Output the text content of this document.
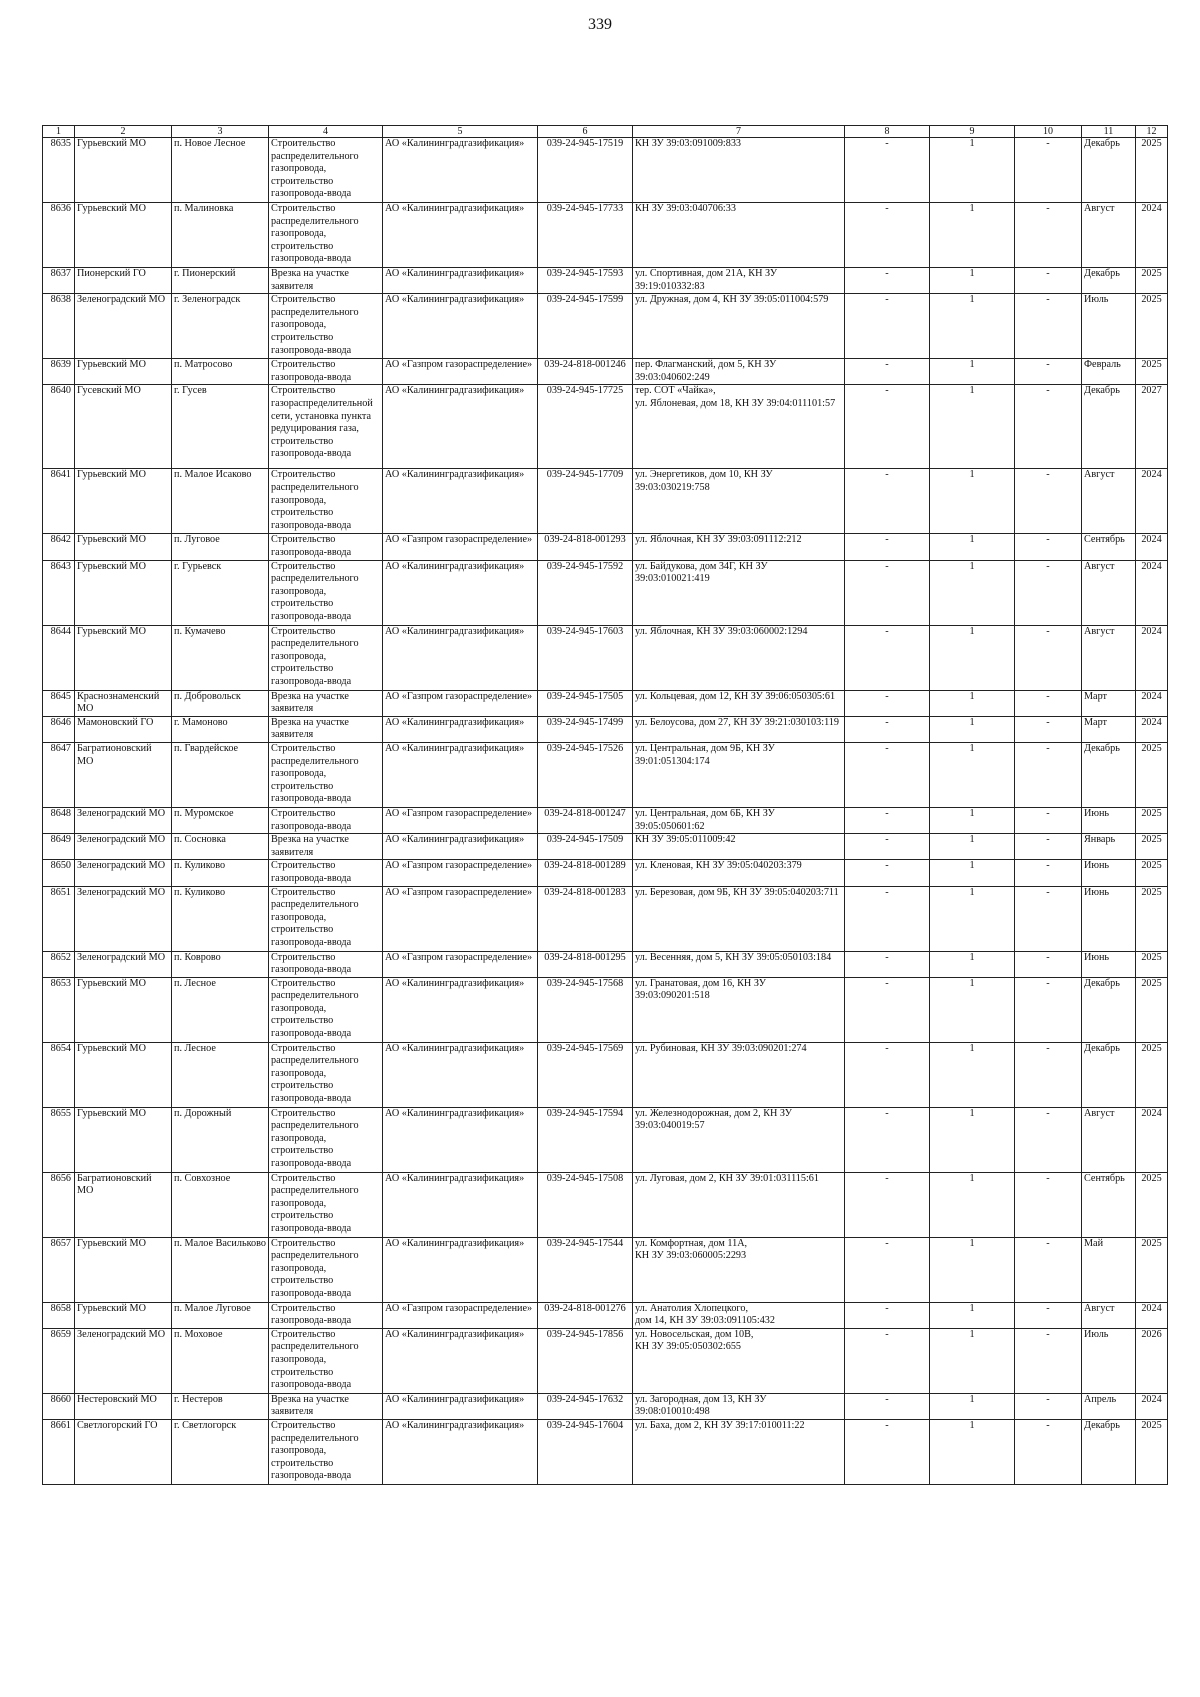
339
1	2	3	4	5	6	7	8	9	10	11	12
8635	Гурьевский МО	п. Новое Лесное	Строительство распределительного газопровода, строительство газопровода-ввода	АО «Калининградгазификация»	039-24-945-17519	КН ЗУ 39:03:091009:833	-	1	-	Декабрь	2025
8636	Гурьевский МО	п. Малиновка	Строительство распределительного газопровода, строительство газопровода-ввода	АО «Калининградгазификация»	039-24-945-17733	КН ЗУ 39:03:040706:33	-	1	-	Август	2024
8637	Пионерский ГО	г. Пионерский	Врезка на участке заявителя	АО «Калининградгазификация»	039-24-945-17593	ул. Спортивная, дом 21А, КН ЗУ 39:19:010332:83	-	1	-	Декабрь	2025
8638	Зеленоградский МО	г. Зеленоградск	Строительство распределительного газопровода, строительство газопровода-ввода	АО «Калининградгазификация»	039-24-945-17599	ул. Дружная, дом 4, КН ЗУ 39:05:011004:579	-	1	-	Июль	2025
8639	Гурьевский МО	п. Матросово	Строительство газопровода-ввода	АО «Газпром газораспределение»	039-24-818-001246	пер. Флагманский, дом 5, КН ЗУ 39:03:040602:249	-	1	-	Февраль	2025
8640	Гусевский МО	г. Гусев	Строительство газораспределительной сети, установка пункта редуцирования газа, строительство газопровода-ввода	АО «Калининградгазификация»	039-24-945-17725	тер. СОТ «Чайка»,
ул. Яблоневая, дом 18, КН ЗУ 39:04:011101:57	-	1	-	Декабрь	2027
8641	Гурьевский МО	п. Малое Исаково	Строительство распределительного газопровода, строительство газопровода-ввода	АО «Калининградгазификация»	039-24-945-17709	ул. Энергетиков, дом 10, КН ЗУ 39:03:030219:758	-	1	-	Август	2024
8642	Гурьевский МО	п. Луговое	Строительство газопровода-ввода	АО «Газпром газораспределение»	039-24-818-001293	ул. Яблочная, КН ЗУ 39:03:091112:212	-	1	-	Сентябрь	2024
8643	Гурьевский МО	г. Гурьевск	Строительство распределительного газопровода, строительство газопровода-ввода	АО «Калининградгазификация»	039-24-945-17592	ул. Байдукова, дом 34Г, КН ЗУ 39:03:010021:419	-	1	-	Август	2024
8644	Гурьевский МО	п. Кумачево	Строительство распределительного газопровода, строительство газопровода-ввода	АО «Калининградгазификация»	039-24-945-17603	ул. Яблочная, КН ЗУ 39:03:060002:1294	-	1	-	Август	2024
8645	Краснознаменский МО	п. Добровольск	Врезка на участке заявителя	АО «Газпром газораспределение»	039-24-945-17505	ул. Кольцевая, дом 12, КН ЗУ 39:06:050305:61	-	1	-	Март	2024
8646	Мамоновский ГО	г. Мамоново	Врезка на участке заявителя	АО «Калининградгазификация»	039-24-945-17499	ул. Белоусова, дом 27, КН ЗУ 39:21:030103:119	-	1	-	Март	2024
8647	Багратионовский МО	п. Гвардейское	Строительство распределительного газопровода, строительство газопровода-ввода	АО «Калининградгазификация»	039-24-945-17526	ул. Центральная, дом 9Б, КН ЗУ 39:01:051304:174	-	1	-	Декабрь	2025
8648	Зеленоградский МО	п. Муромское	Строительство газопровода-ввода	АО «Газпром газораспределение»	039-24-818-001247	ул. Центральная, дом 6Б, КН ЗУ 39:05:050601:62	-	1	-	Июнь	2025
8649	Зеленоградский МО	п. Сосновка	Врезка на участке заявителя	АО «Калининградгазификация»	039-24-945-17509	КН ЗУ 39:05:011009:42	-	1	-	Январь	2025
8650	Зеленоградский МО	п. Куликово	Строительство газопровода-ввода	АО «Газпром газораспределение»	039-24-818-001289	ул. Кленовая, КН ЗУ 39:05:040203:379	-	1	-	Июнь	2025
8651	Зеленоградский МО	п. Куликово	Строительство распределительного газопровода, строительство газопровода-ввода	АО «Газпром газораспределение»	039-24-818-001283	ул. Березовая, дом 9Б, КН ЗУ 39:05:040203:711	-	1	-	Июнь	2025
8652	Зеленоградский МО	п. Коврово	Строительство газопровода-ввода	АО «Газпром газораспределение»	039-24-818-001295	ул. Весенняя, дом 5, КН ЗУ 39:05:050103:184	-	1	-	Июнь	2025
8653	Гурьевский МО	п. Лесное	Строительство распределительного газопровода, строительство газопровода-ввода	АО «Калининградгазификация»	039-24-945-17568	ул. Гранатовая, дом 16, КН ЗУ 39:03:090201:518	-	1	-	Декабрь	2025
8654	Гурьевский МО	п. Лесное	Строительство распределительного газопровода, строительство газопровода-ввода	АО «Калининградгазификация»	039-24-945-17569	ул. Рубиновая, КН ЗУ 39:03:090201:274	-	1	-	Декабрь	2025
8655	Гурьевский МО	п. Дорожный	Строительство распределительного газопровода, строительство газопровода-ввода	АО «Калининградгазификация»	039-24-945-17594	ул. Железнодорожная, дом 2, КН ЗУ 39:03:040019:57	-	1	-	Август	2024
8656	Багратионовский МО	п. Совхозное	Строительство распределительного газопровода, строительство газопровода-ввода	АО «Калининградгазификация»	039-24-945-17508	ул. Луговая, дом 2, КН ЗУ 39:01:031115:61	-	1	-	Сентябрь	2025
8657	Гурьевский МО	п. Малое Васильково	Строительство распределительного газопровода, строительство газопровода-ввода	АО «Калининградгазификация»	039-24-945-17544	ул. Комфортная, дом 11А,
КН ЗУ 39:03:060005:2293	-	1	-	Май	2025
8658	Гурьевский МО	п. Малое Луговое	Строительство газопровода-ввода	АО «Газпром газораспределение»	039-24-818-001276	ул. Анатолия Хлопецкого,
дом 14, КН ЗУ 39:03:091105:432	-	1	-	Август	2024
8659	Зеленоградский МО	п. Моховое	Строительство распределительного газопровода, строительство газопровода-ввода	АО «Калининградгазификация»	039-24-945-17856	ул. Новосельская, дом 10В,
КН ЗУ 39:05:050302:655	-	1	-	Июль	2026
8660	Нестеровский МО	г. Нестеров	Врезка на участке заявителя	АО «Калининградгазификация»	039-24-945-17632	ул. Загородная, дом 13, КН ЗУ 39:08:010010:498	-	1	-	Апрель	2024
8661	Светлогорский ГО	г. Светлогорск	Строительство распределительного газопровода, строительство газопровода-ввода	АО «Калининградгазификация»	039-24-945-17604	ул. Баха, дом 2, КН ЗУ 39:17:010011:22	-	1	-	Декабрь	2025
